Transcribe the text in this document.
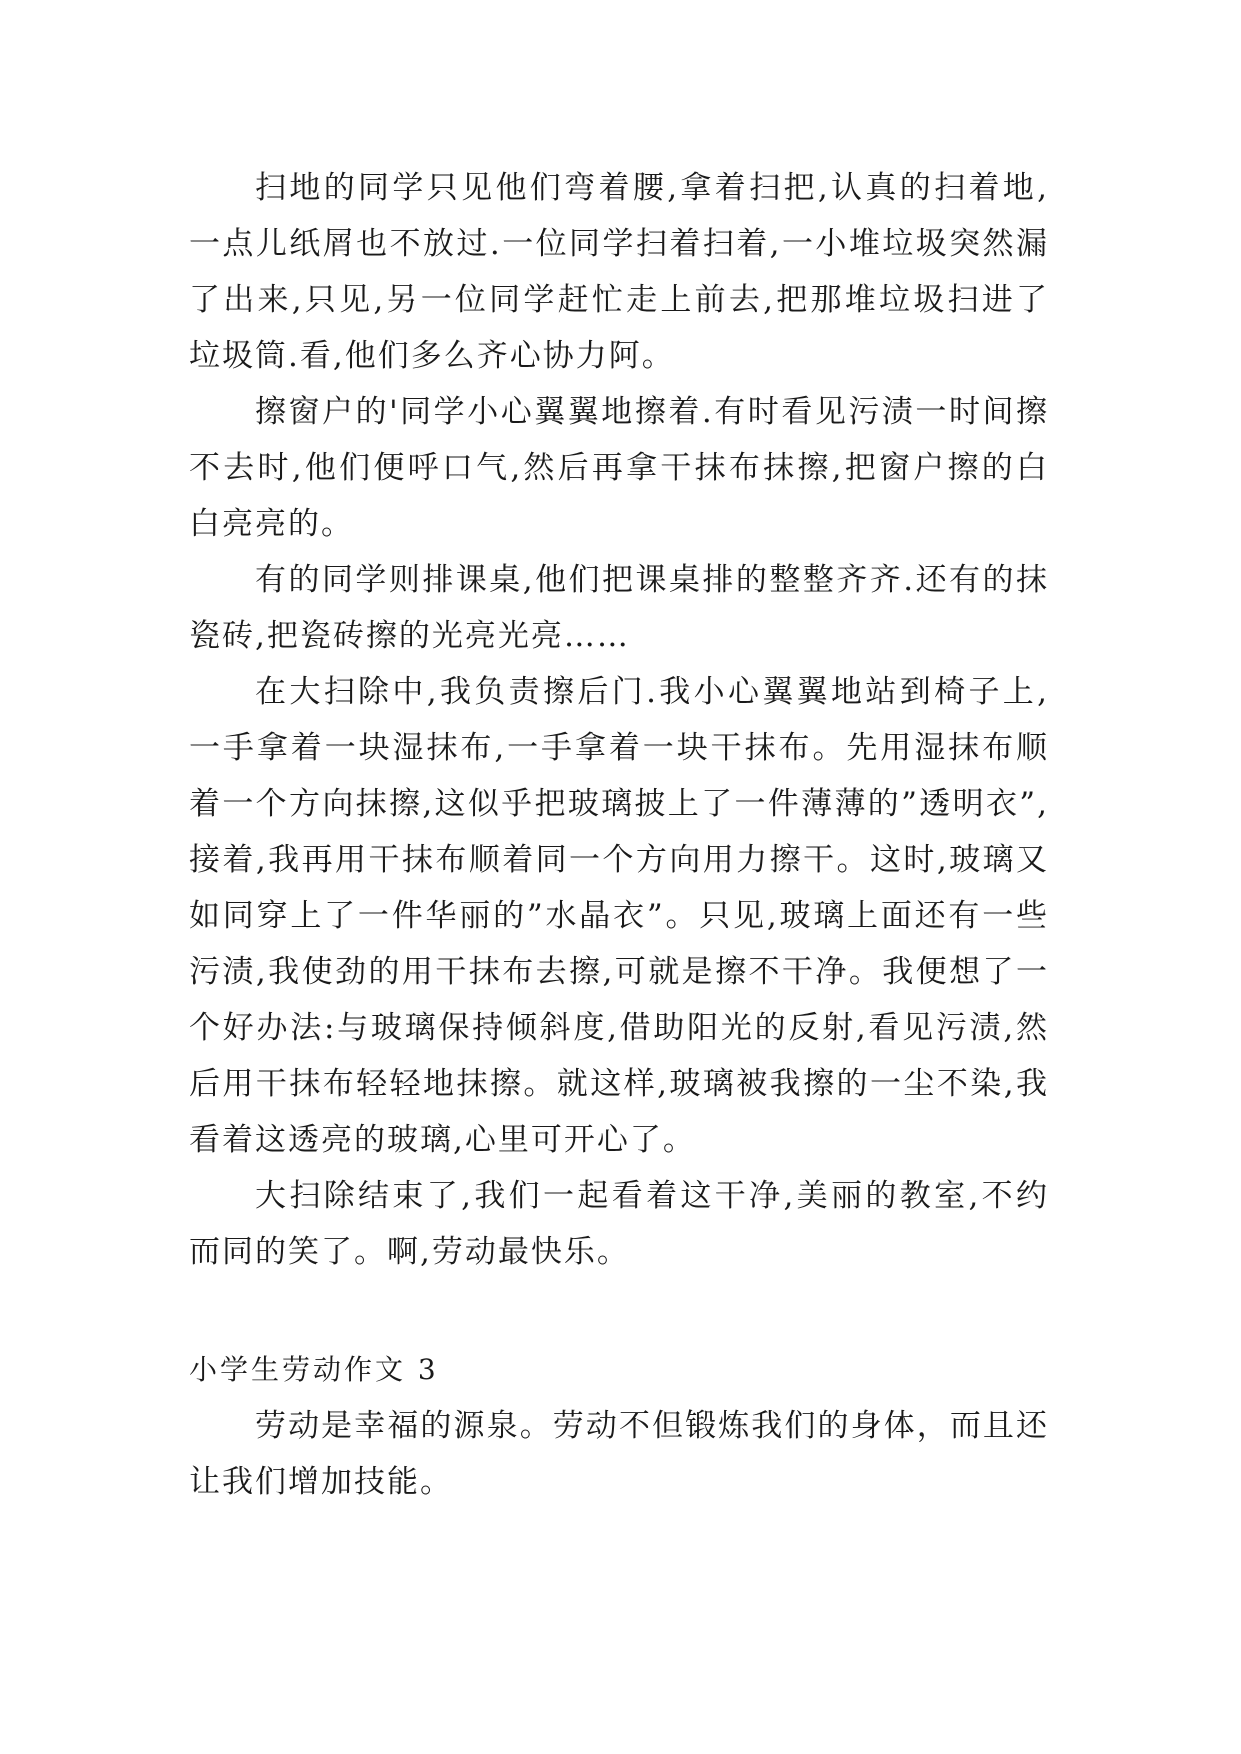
扫地的同学只见他们弯着腰,拿着扫把,认真的扫着地,一点儿纸屑也不放过.一位同学扫着扫着,一小堆垃圾突然漏了出来,只见,另一位同学赶忙走上前去,把那堆垃圾扫进了垃圾筒.看,他们多么齐心协力阿。

擦窗户的'同学小心翼翼地擦着.有时看见污渍一时间擦不去时,他们便呼口气,然后再拿干抹布抹擦,把窗户擦的白白亮亮的。

有的同学则排课桌,他们把课桌排的整整齐齐.还有的抹瓷砖,把瓷砖擦的光亮光亮……

在大扫除中,我负责擦后门.我小心翼翼地站到椅子上,一手拿着一块湿抹布,一手拿着一块干抹布。先用湿抹布顺着一个方向抹擦,这似乎把玻璃披上了一件薄薄的”透明衣”,接着,我再用干抹布顺着同一个方向用力擦干。这时,玻璃又如同穿上了一件华丽的”水晶衣”。只见,玻璃上面还有一些污渍,我使劲的用干抹布去擦,可就是擦不干净。我便想了一个好办法:与玻璃保持倾斜度,借助阳光的反射,看见污渍,然后用干抹布轻轻地抹擦。就这样,玻璃被我擦的一尘不染,我看着这透亮的玻璃,心里可开心了。

大扫除结束了,我们一起看着这干净,美丽的教室,不约而同的笑了。啊,劳动最快乐。

小学生劳动作文 3

劳动是幸福的源泉。劳动不但锻炼我们的身体，而且还让我们增加技能。
